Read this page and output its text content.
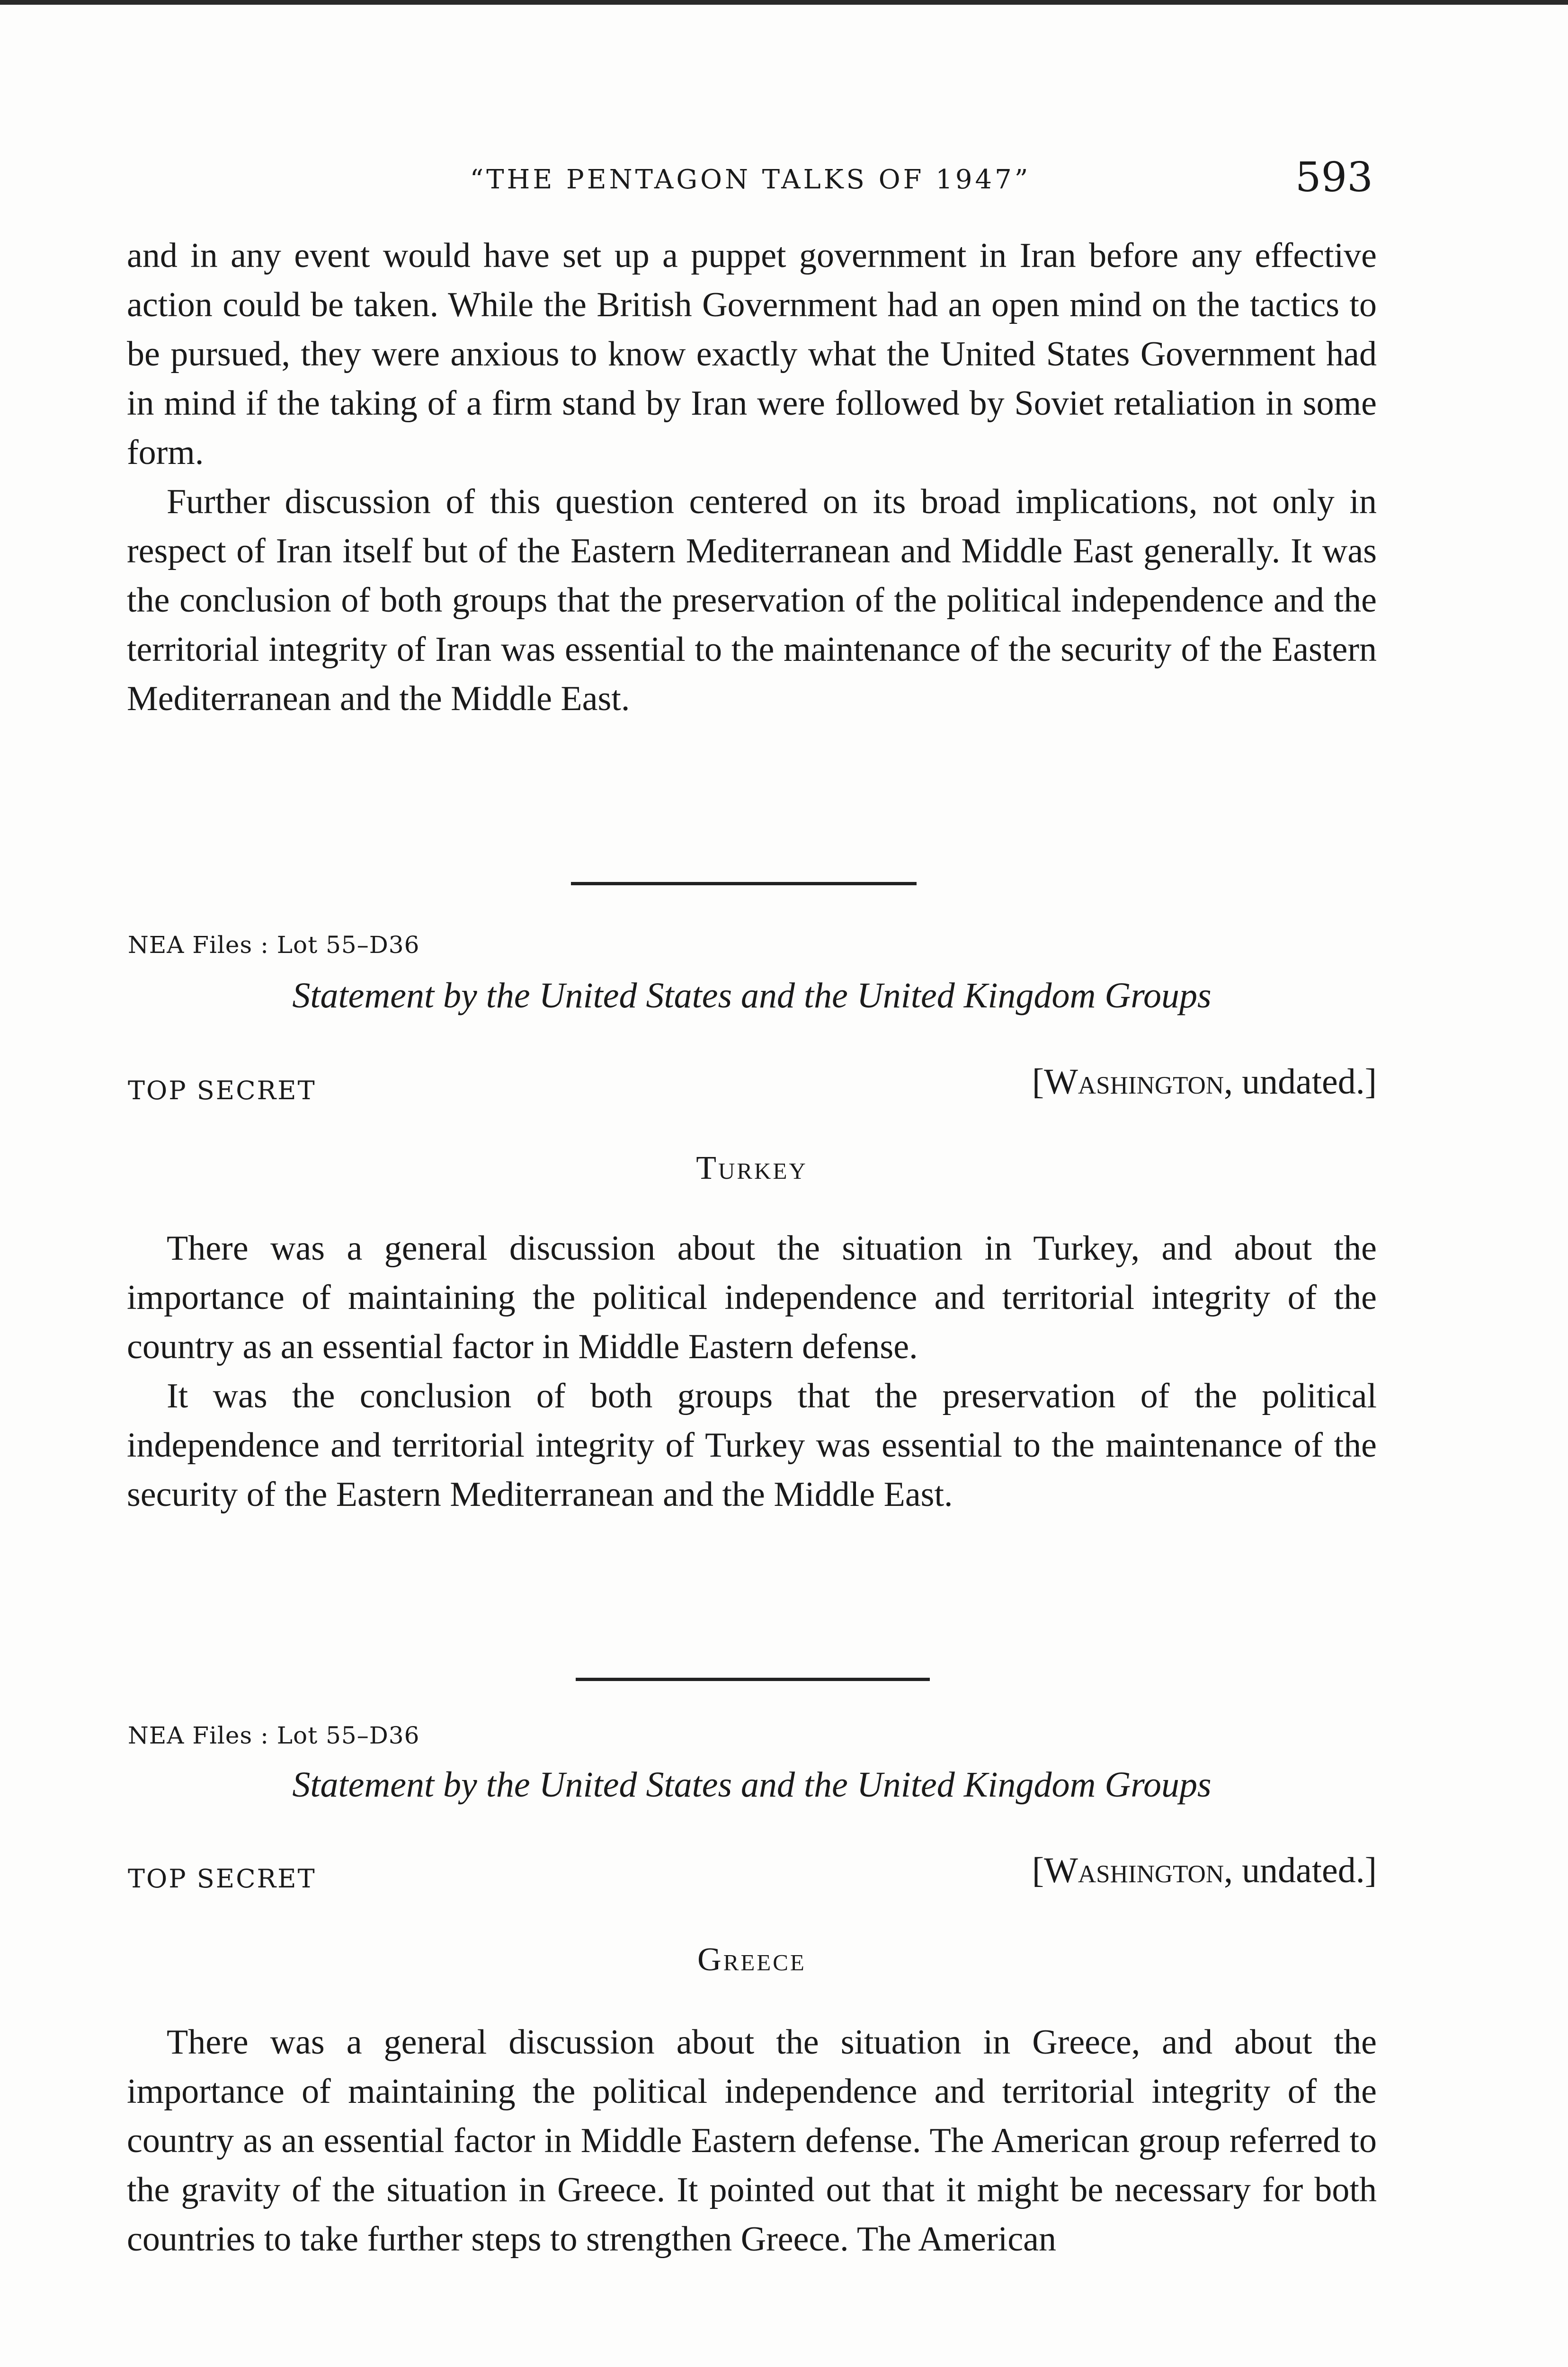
“THE PENTAGON TALKS OF 1947”	593

and in any event would have set up a puppet government in Iran before any effective action could be taken. While the British Government had an open mind on the tactics to be pursued, they were anxious to know exactly what the United States Government had in mind if the taking of a firm stand by Iran were followed by Soviet retaliation in some form.

Further discussion of this question centered on its broad implications, not only in respect of Iran itself but of the Eastern Mediterranean and Middle East generally. It was the conclusion of both groups that the preservation of the political independence and the territorial integrity of Iran was essential to the maintenance of the security of the Eastern Mediterranean and the Middle East.

NEA Files : Lot 55–D36
Statement by the United States and the United Kingdom Groups
TOP SECRET	[Washington, undated.]
Turkey

There was a general discussion about the situation in Turkey, and about the importance of maintaining the political independence and territorial integrity of the country as an essential factor in Middle Eastern defense.

It was the conclusion of both groups that the preservation of the political independence and territorial integrity of Turkey was essential to the maintenance of the security of the Eastern Mediterranean and the Middle East.

NEA Files : Lot 55–D36
Statement by the United States and the United Kingdom Groups
TOP SECRET	[Washington, undated.]
Greece

There was a general discussion about the situation in Greece, and about the importance of maintaining the political independence and territorial integrity of the country as an essential factor in Middle Eastern defense. The American group referred to the gravity of the situation in Greece. It pointed out that it might be necessary for both countries to take further steps to strengthen Greece. The American
